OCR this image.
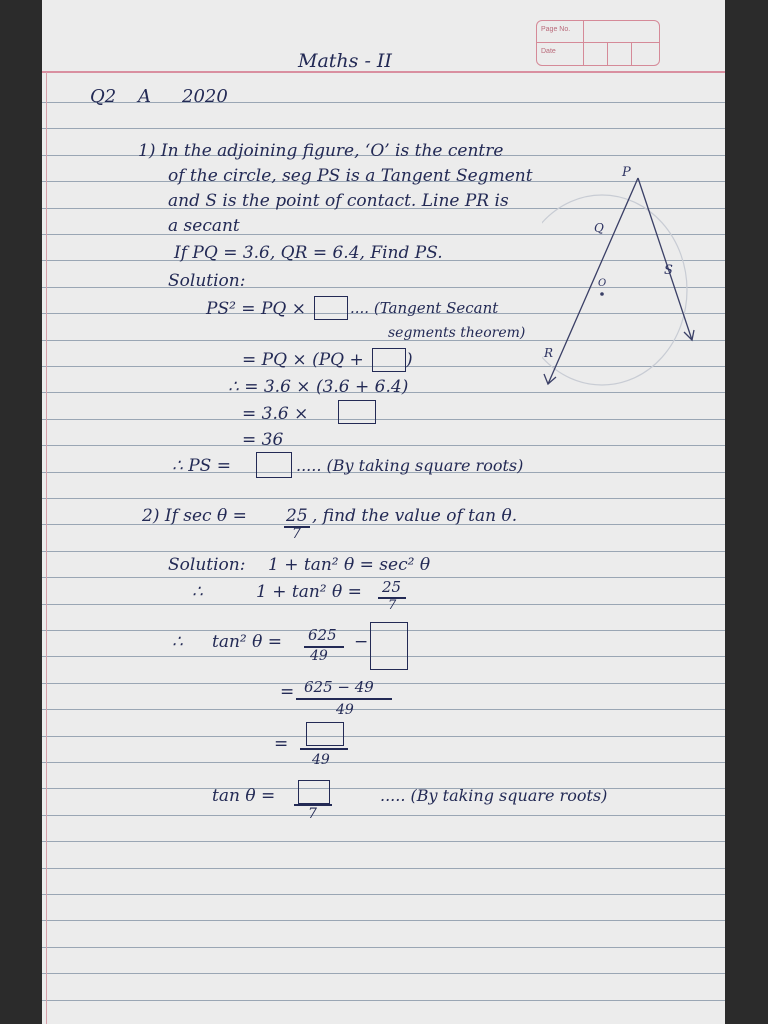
Page No.
Date
Maths - II
Q2 A 2020
1) In the adjoining figure, ‘O’ is the centre
of the circle, seg PS is a Tangent Segment
and S is the point of contact. Line PR is
a secant
If PQ = 3.6, QR = 6.4, Find PS.
Solution:
PS² = PQ ×	.... (Tangent Secant
segments theorem)
= PQ × (PQ + )
∴ = 3.6 × (3.6 + 6.4)
= 3.6 ×
= 36
∴ PS =	..... (By taking square roots)
P
Q
O
S
R
2) If sec θ = 25
7
, find the value of tan θ.
Solution: 1 + tan² θ = sec² θ
∴	1 + tan² θ = 25
7
∴ tan² θ = 625
49
−
= 625 − 49
49
=
49
tan θ =
7
..... (By taking square roots)
